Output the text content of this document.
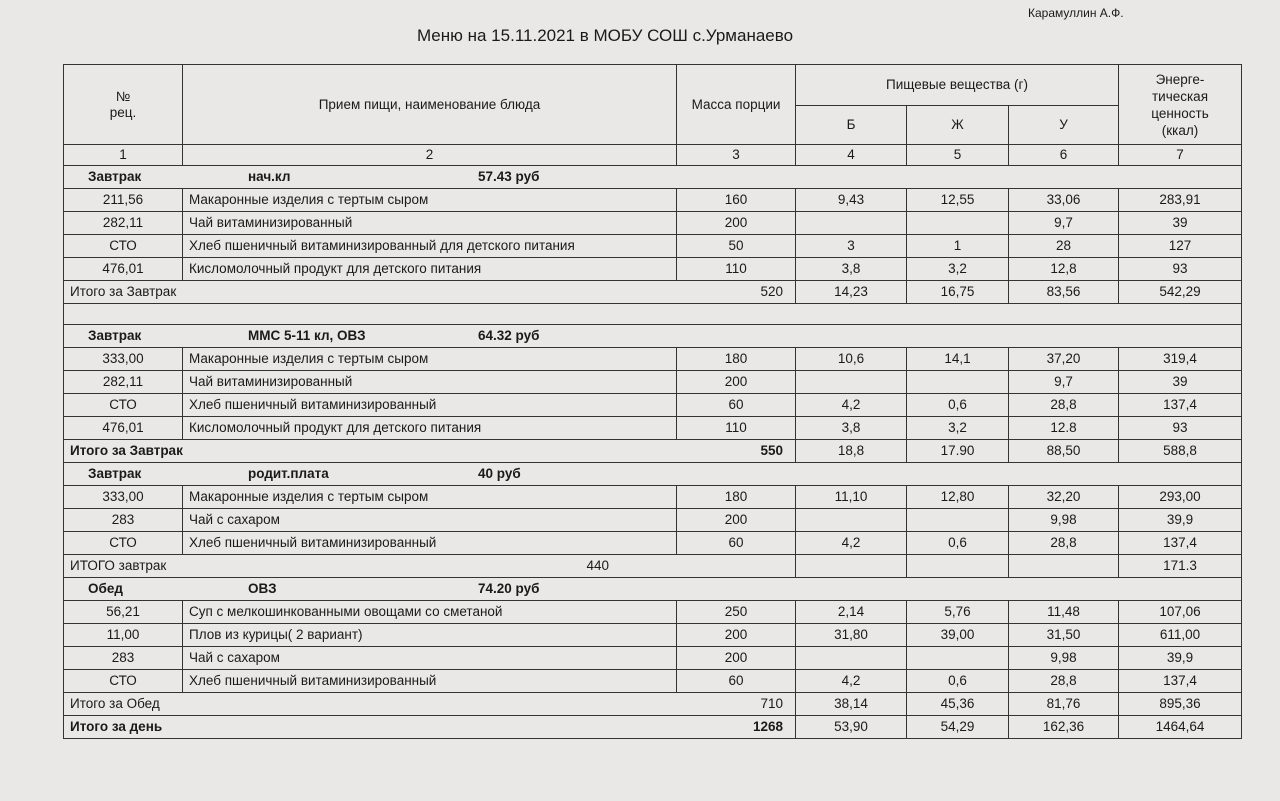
Карамуллин А.Ф.
Меню на 15.11.2021 в МОБУ СОШ с.Урманаево
№
рец.	Прием пищи, наименование блюда	Масса порции	Пищевые вещества (г)			Энерге-
тическая
ценность
(ккал)
			Б	Ж	У	
1	2	3	4	5	6	7
Завтрак нач.кл 57.43 руб						
211,56	Макаронные изделия с тертым сыром	160	9,43	12,55	33,06	283,91
282,11	Чай витаминизированный	200			9,7	39
СТО	Хлеб пшеничный витаминизированный для детского питания	50	3	1	28	127
476,01	Кисломолочный продукт для детского питания	110	3,8	3,2	12,8	93
Итого за Завтрак 520			14,23	16,75	83,56	542,29

Завтрак ММС 5-11 кл, ОВЗ 64.32 руб						
333,00	Макаронные изделия с тертым сыром	180	10,6	14,1	37,20	319,4
282,11	Чай витаминизированный	200			9,7	39
СТО	Хлеб пшеничный витаминизированный	60	4,2	0,6	28,8	137,4
476,01	Кисломолочный продукт для детского питания	110	3,8	3,2	12.8	93
Итого за Завтрак 550			18,8	17.90	88,50	588,8
Завтрак родит.плата 40 руб						
333,00	Макаронные изделия с тертым сыром	180	11,10	12,80	32,20	293,00
283	Чай с сахаром	200			9,98	39,9
СТО	Хлеб пшеничный витаминизированный	60	4,2	0,6	28,8	137,4
ИТОГО завтрак 440						171.3
Обед ОВЗ 74.20 руб						
56,21	Суп с мелкошинкованными овощами со сметаной	250	2,14	5,76	11,48	107,06
11,00	Плов из курицы( 2 вариант)	200	31,80	39,00	31,50	611,00
283	Чай с сахаром	200			9,98	39,9
СТО	Хлеб пшеничный витаминизированный	60	4,2	0,6	28,8	137,4
Итого за Обед 710			38,14	45,36	81,76	895,36
Итого за день 1268			53,90	54,29	162,36	1464,64
